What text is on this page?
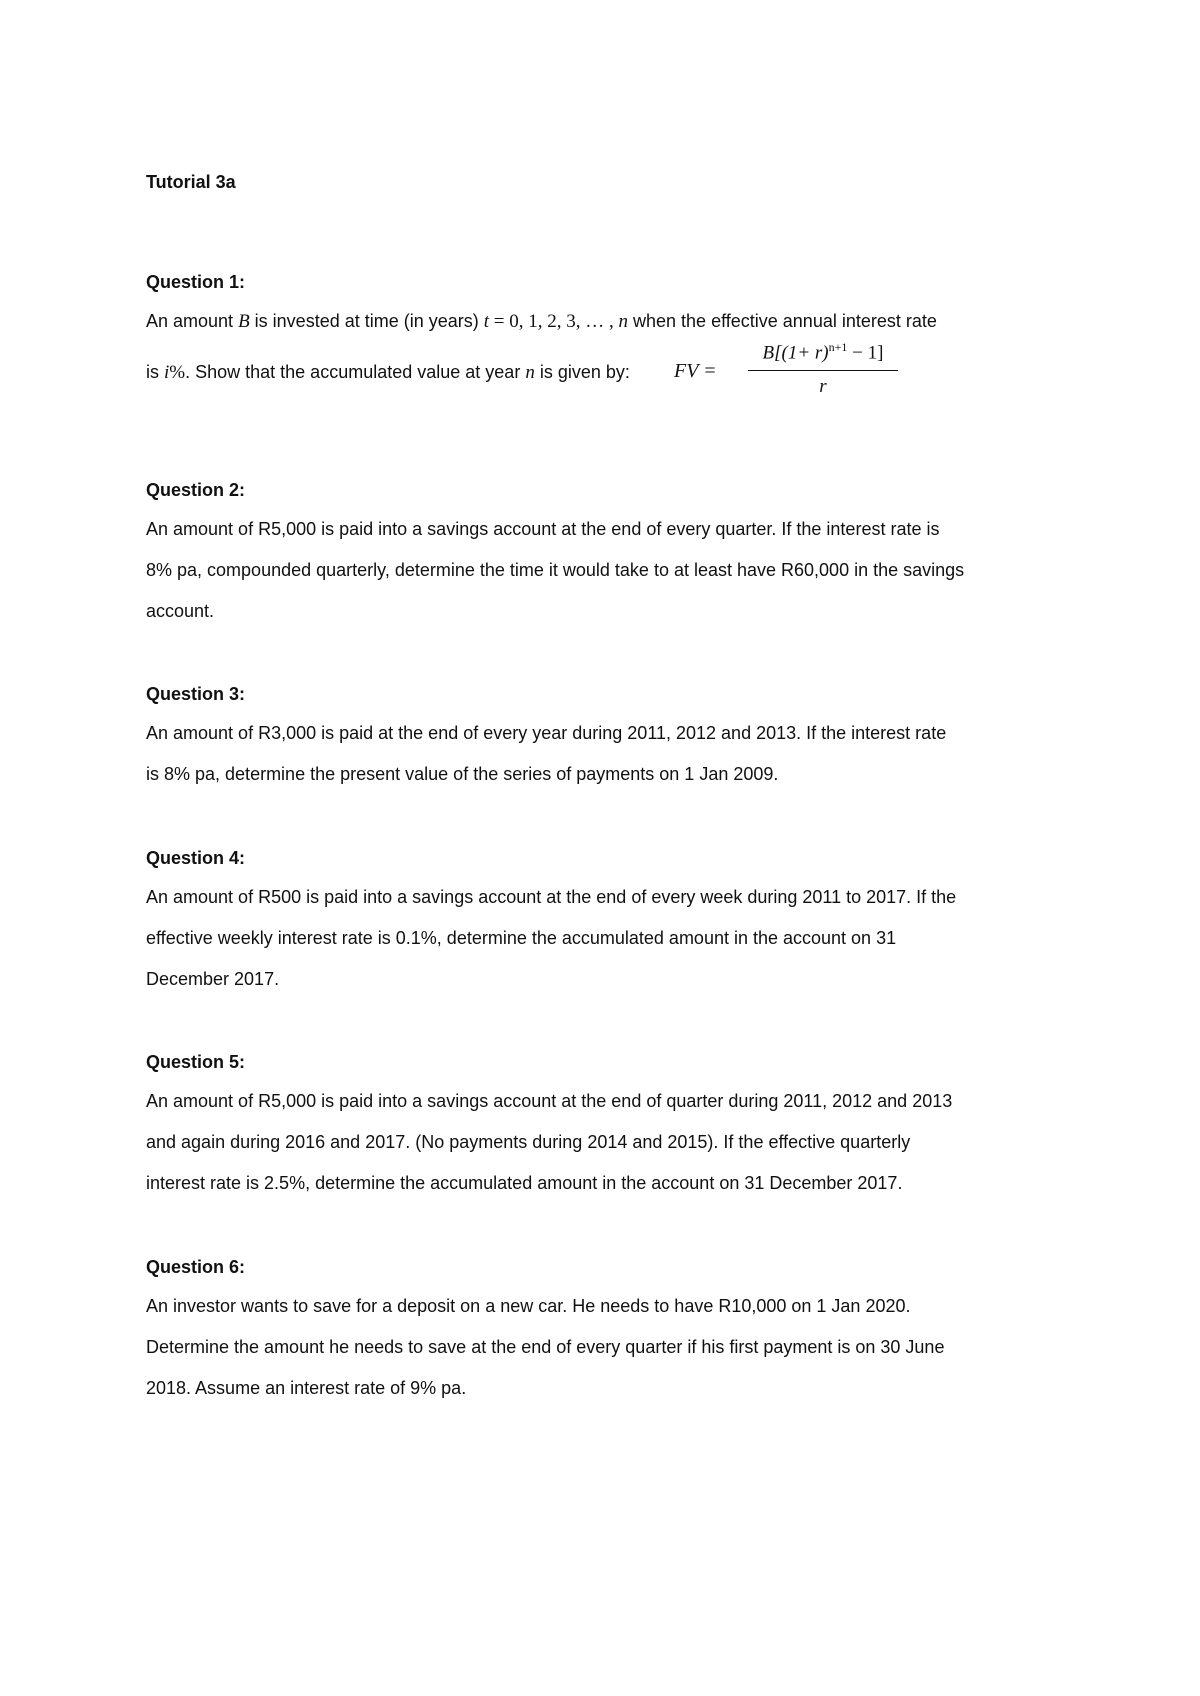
Tutorial 3a
Question 1:
An amount B is invested at time (in years) t = 0, 1, 2, 3, … , n when the effective annual interest rate
is i%. Show that the accumulated value at year n is given by: FV =
$B[(1+ r)^{n+1} - 1]$
r
Question 2:
An amount of R5,000 is paid into a savings account at the end of every quarter. If the interest rate is
8% pa, compounded quarterly, determine the time it would take to at least have R60,000 in the savings
account.
Question 3:
An amount of R3,000 is paid at the end of every year during 2011, 2012 and 2013. If the interest rate
is 8% pa, determine the present value of the series of payments on 1 Jan 2009.
Question 4:
An amount of R500 is paid into a savings account at the end of every week during 2011 to 2017. If the
effective weekly interest rate is 0.1%, determine the accumulated amount in the account on 31
December 2017.
Question 5:
An amount of R5,000 is paid into a savings account at the end of quarter during 2011, 2012 and 2013
and again during 2016 and 2017. (No payments during 2014 and 2015). If the effective quarterly
interest rate is 2.5%, determine the accumulated amount in the account on 31 December 2017.
Question 6:
An investor wants to save for a deposit on a new car. He needs to have R10,000 on 1 Jan 2020.
Determine the amount he needs to save at the end of every quarter if his first payment is on 30 June
2018. Assume an interest rate of 9% pa.
